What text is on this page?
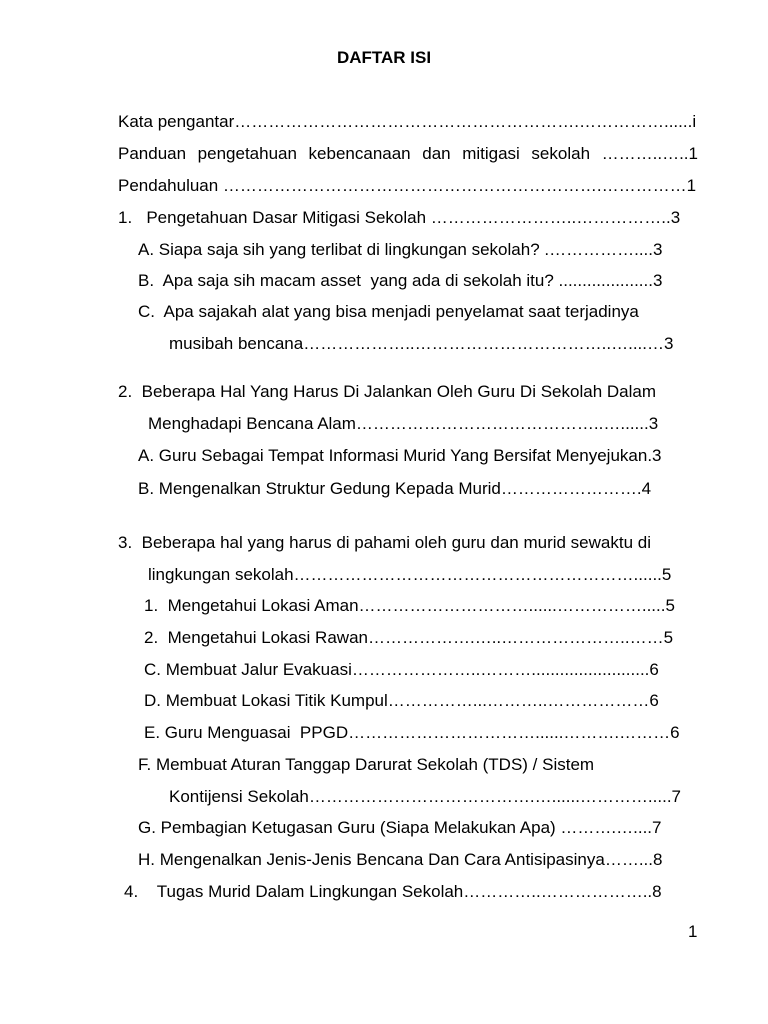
DAFTAR ISI
Kata pengantar…………………………………………………….……………......i
Panduan pengetahuan kebencanaan dan mitigasi sekolah ………..…..1
Pendahuluan ………………………………………………………….……………1
1.   Pengetahuan Dasar Mitigasi Sekolah ……………………..……………..3
A. Siapa saja sih yang terlibat di lingkungan sekolah? .……………....3
B.  Apa saja sih macam asset  yang ada di sekolah itu? ....................3
C.  Apa sajakah alat yang bisa menjadi penyelamat saat terjadinya
musibah bencana………………..……………………………..…....…3
2.  Beberapa Hal Yang Harus Di Jalankan Oleh Guru Di Sekolah Dalam
Menghadapi Bencana Alam……………………………………..…......3
A. Guru Sebagai Tempat Informasi Murid Yang Bersifat Menyejukan.3
B. Mengenalkan Struktur Gedung Kepada Murid…………………….4
3.  Beberapa hal yang harus di pahami oleh guru dan murid sewaktu di
lingkungan sekolah……………………………………………………......5
1.  Mengetahui Lokasi Aman…………………………......…………….....5
2.  Mengetahui Lokasi Rawan……………….…..…………………..……5
C. Membuat Jalur Evakuasi…………………..……….........................6
D. Membuat Lokasi Titik Kumpul……………...………..………………6
E. Guru Menguasai  PPGD……………………………......……….………6
F. Membuat Aturan Tanggap Darurat Sekolah (TDS) / Sistem
Kontijensi Sekolah………………………………….…......………….....7
G. Pembagian Ketugasan Guru (Siapa Melakukan Apa) ……….…....7
H. Mengenalkan Jenis-Jenis Bencana Dan Cara Antisipasinya……...8
4.    Tugas Murid Dalam Lingkungan Sekolah…………..………………..8
1
